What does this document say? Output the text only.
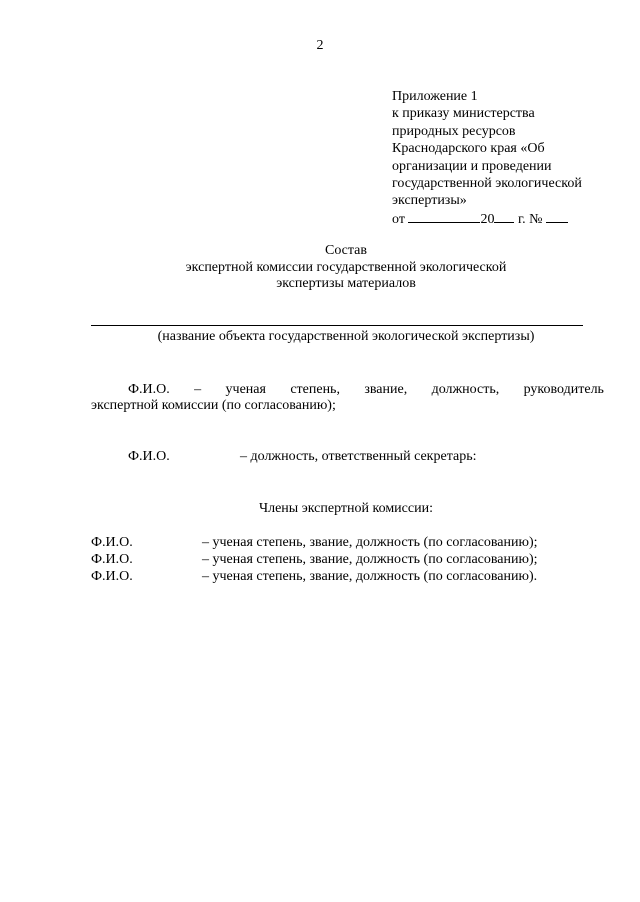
2
Приложение 1
к приказу министерства
природных ресурсов
Краснодарского края «Об
организации и проведении
государственной экологической
экспертизы»
от	20 г. №
Состав
экспертной комиссии государственной экологической
экспертизы материалов
(название объекта государственной экологической экспертизы)
Ф.И.О. – ученая степень, звание, должность, руководитель
экспертной комиссии (по согласованию);
Ф.И.О.	– должность, ответственный секретарь:
Члены экспертной комиссии:
Ф.И.О.	– ученая степень, звание, должность (по согласованию);
Ф.И.О.	– ученая степень, звание, должность (по согласованию);
Ф.И.О.	– ученая степень, звание, должность (по согласованию).
